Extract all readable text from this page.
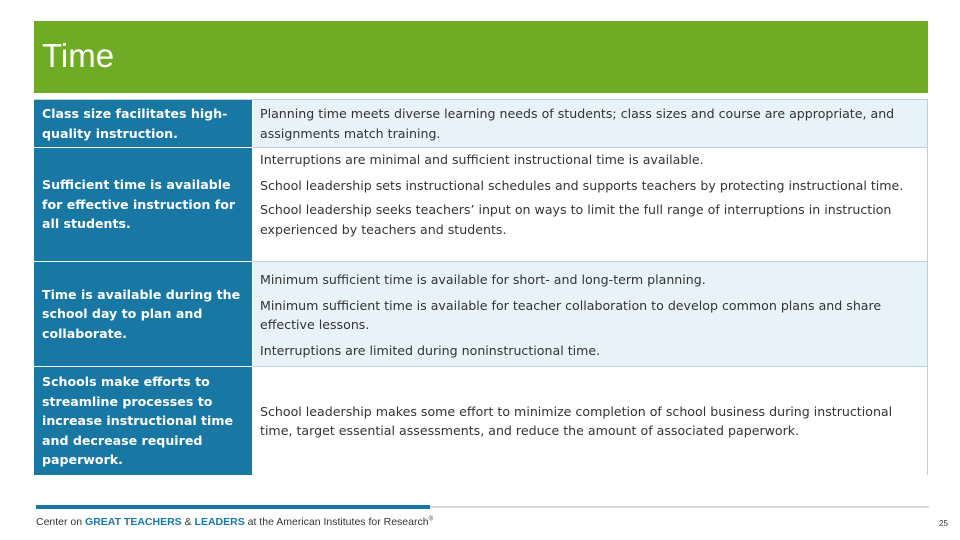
Time
Class size facilitates high-quality instruction.

Planning time meets diverse learning needs of students; class sizes and course are appropriate, and assignments match training.

Sufficient time is available for effective instruction for all students.

Interruptions are minimal and sufficient instructional time is available.

School leadership sets instructional schedules and supports teachers by protecting instructional time.

School leadership seeks teachers’ input on ways to limit the full range of interruptions in instruction experienced by teachers and students.

Time is available during the school day to plan and collaborate.

Minimum sufficient time is available for short- and long-term planning.

Minimum sufficient time is available for teacher collaboration to develop common plans and share effective lessons.

Interruptions are limited during noninstructional time.

Schools make efforts to streamline processes to increase instructional time and decrease required paperwork.

School leadership makes some effort to minimize completion of school business during instructional time, target essential assessments, and reduce the amount of associated paperwork.

Center on GREAT TEACHERS & LEADERS at the American Institutes for Research®	25
